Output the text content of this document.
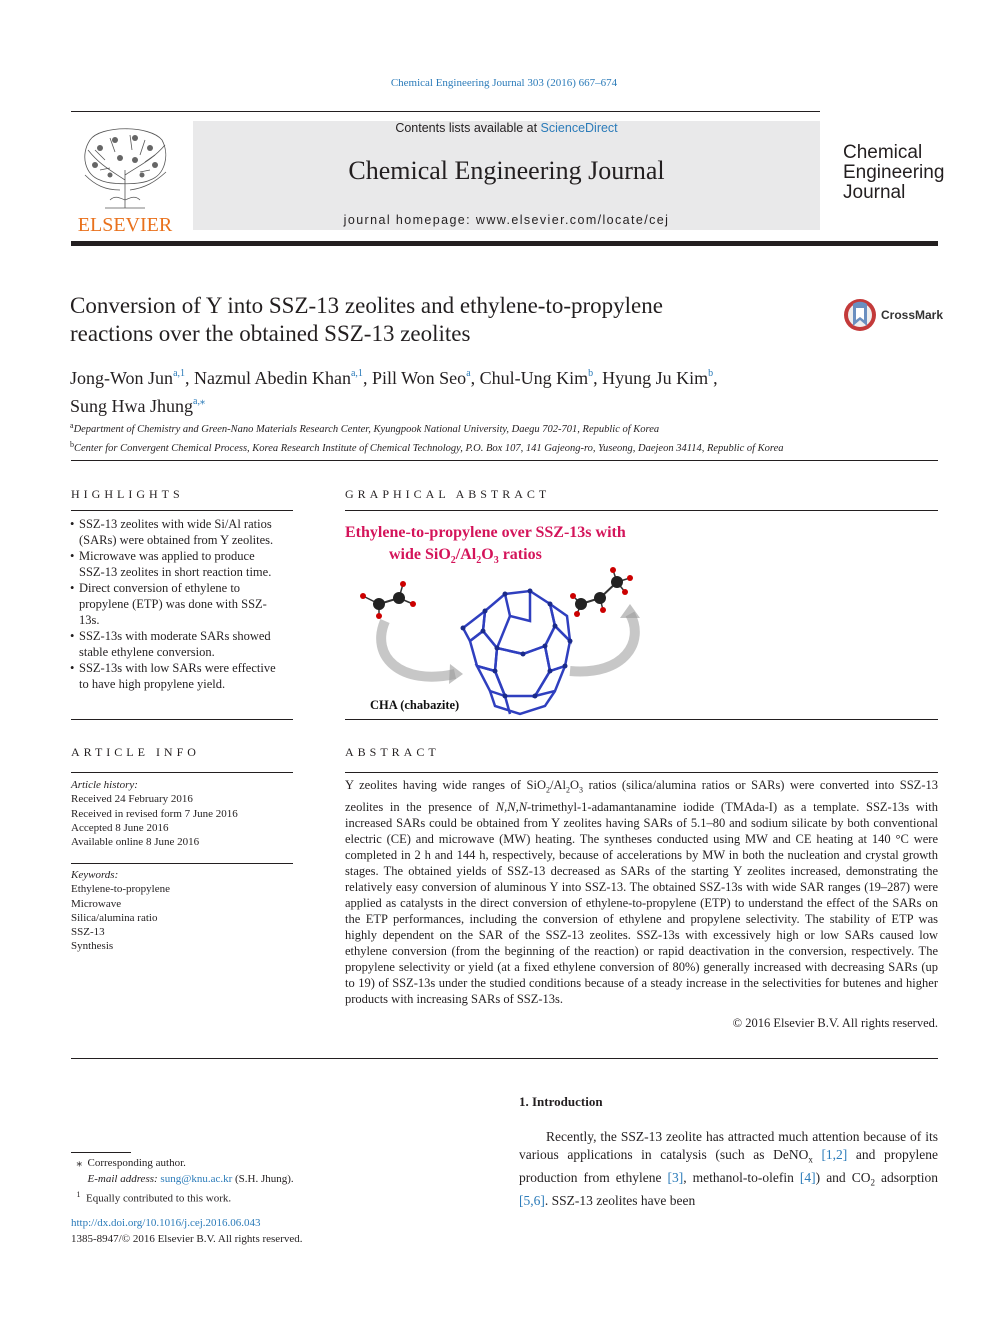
Chemical Engineering Journal 303 (2016) 667–674
ELSEVIER
Contents lists available at ScienceDirect
Chemical Engineering Journal
journal homepage: www.elsevier.com/locate/cej
Chemical
Engineering
Journal
Conversion of Y into SSZ-13 zeolites and ethylene-to-propylene
reactions over the obtained SSZ-13 zeolites
CrossMark
Jong-Won Jun$^{a,1}$, Nazmul Abedin Khan$^{a,1}$, Pill Won Seo$^a$, Chul-Ung Kim$^b$, Hyung Ju Kim$^b$,
Sung Hwa Jhung$^{a,⁎}$
$^a$Department of Chemistry and Green-Nano Materials Research Center, Kyungpook National University, Daegu 702-701, Republic of Korea
$^b$Center for Convergent Chemical Process, Korea Research Institute of Chemical Technology, P.O. Box 107, 141 Gajeong-ro, Yuseong, Daejeon 34114, Republic of Korea
HIGHLIGHTS
• SSZ-13 zeolites with wide Si/Al ratios
(SARs) were obtained from Y zeolites.
• Microwave was applied to produce
SSZ-13 zeolites in short reaction time.
• Direct conversion of ethylene to
propylene (ETP) was done with SSZ-
13s.
• SSZ-13s with moderate SARs showed
stable ethylene conversion.
• SSZ-13s with low SARs were effective
to have high propylene yield.
GRAPHICAL ABSTRACT
Ethylene-to-propylene over SSZ-13s with
wide $SiO_2/Al_2O_3$ ratios
CHA (chabazite)
ARTICLE INFO
Article history:
Received 24 February 2016
Received in revised form 7 June 2016
Accepted 8 June 2016
Available online 8 June 2016
Keywords:
Ethylene-to-propylene
Microwave
Silica/alumina ratio
SSZ-13
Synthesis
ABSTRACT
Y zeolites having wide ranges of $SiO_2/Al_2O_3$ ratios (silica/alumina ratios or SARs) were converted into SSZ-13 zeolites in the presence of N,N,N-trimethyl-1-adamantanamine iodide (TMAda-I) as a template. SSZ-13s with increased SARs could be obtained from Y zeolites having SARs of 5.1–80 and sodium silicate by both conventional electric (CE) and microwave (MW) heating. The syntheses conducted using MW and CE heating at 140 °C were completed in 2 h and 144 h, respectively, because of accelerations by MW in both the nucleation and crystal growth stages. The obtained yields of SSZ-13 decreased as SARs of the starting Y zeolites increased, demonstrating the relatively easy conversion of aluminous Y into SSZ-13. The obtained SSZ-13s with wide SAR ranges (19–287) were applied as catalysts in the direct conversion of ethylene-to-propylene (ETP) to understand the effect of the SARs on the ETP performances, including the conversion of ethylene and propylene selectivity. The stability of ETP was highly dependent on the SAR of the SSZ-13 zeolites. SSZ-13s with excessively high or low SARs caused low ethylene conversion (from the beginning of the reaction) or rapid deactivation in the conversion, respectively. The propylene selectivity or yield (at a fixed ethylene conversion of 80%) generally increased with decreasing SARs (up to 19) of SSZ-13s under the studied conditions because of a steady increase in the selectivities for butenes and higher products with increasing SARs of SSZ-13s.
© 2016 Elsevier B.V. All rights reserved.
1. Introduction
  Recently, the SSZ-13 zeolite has attracted much attention because of its various applications in catalysis (such as DeNO$_x$ [1,2] and propylene production from ethylene [3], methanol-to-olefin [4]) and $CO_2$ adsorption [5,6]. SSZ-13 zeolites have been
 ⁎  Corresponding author.
  E-mail address: sung@knu.ac.kr (S.H. Jhung).
 $^1$  Equally contributed to this work.
http://dx.doi.org/10.1016/j.cej.2016.06.043
1385-8947/© 2016 Elsevier B.V. All rights reserved.
